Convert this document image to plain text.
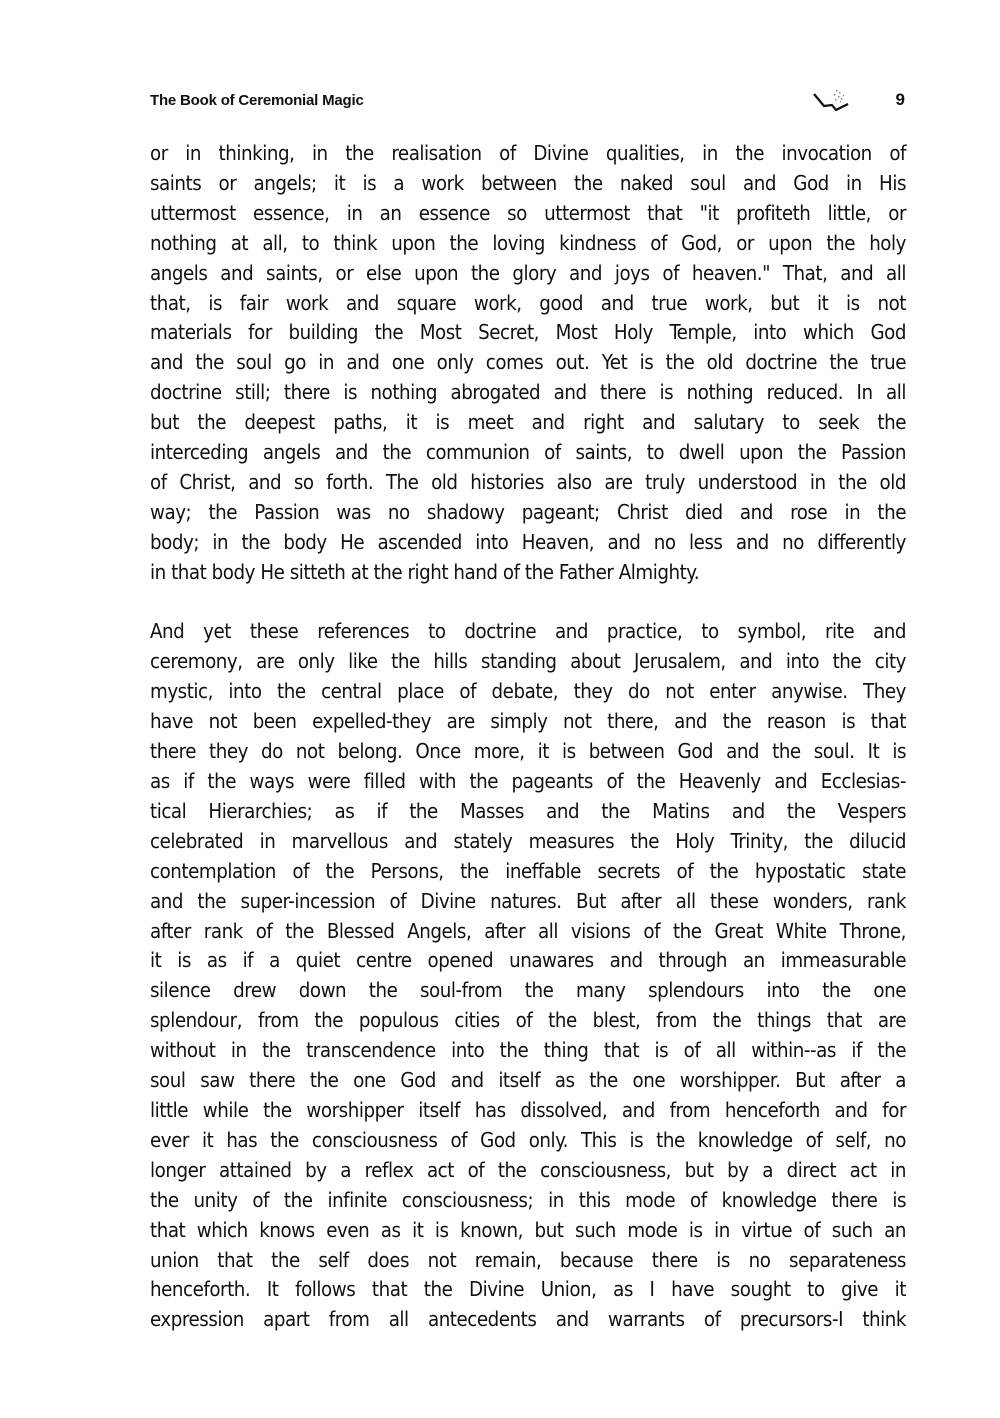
The Book of Ceremonial Magic	9

or in thinking, in the realisation of Divine qualities, in the invocation of
saints or angels; it is a work between the naked soul and God in His
uttermost essence, in an essence so uttermost that "it profiteth little, or
nothing at all, to think upon the loving kindness of God, or upon the holy
angels and saints, or else upon the glory and joys of heaven." That, and all
that, is fair work and square work, good and true work, but it is not
materials for building the Most Secret, Most Holy Temple, into which God
and the soul go in and one only comes out. Yet is the old doctrine the true
doctrine still; there is nothing abrogated and there is nothing reduced. In all
but the deepest paths, it is meet and right and salutary to seek the
interceding angels and the communion of saints, to dwell upon the Passion
of Christ, and so forth. The old histories also are truly understood in the old
way; the Passion was no shadowy pageant; Christ died and rose in the
body; in the body He ascended into Heaven, and no less and no differently
in that body He sitteth at the right hand of the Father Almighty.

And yet these references to doctrine and practice, to symbol, rite and
ceremony, are only like the hills standing about Jerusalem, and into the city
mystic, into the central place of debate, they do not enter anywise. They
have not been expelled-they are simply not there, and the reason is that
there they do not belong. Once more, it is between God and the soul. It is
as if the ways were filled with the pageants of the Heavenly and Ecclesias-
tical Hierarchies; as if the Masses and the Matins and the Vespers
celebrated in marvellous and stately measures the Holy Trinity, the dilucid
contemplation of the Persons, the ineffable secrets of the hypostatic state
and the super-incession of Divine natures. But after all these wonders, rank
after rank of the Blessed Angels, after all visions of the Great White Throne,
it is as if a quiet centre opened unawares and through an immeasurable
silence drew down the soul-from the many splendours into the one
splendour, from the populous cities of the blest, from the things that are
without in the transcendence into the thing that is of all within--as if the
soul saw there the one God and itself as the one worshipper. But after a
little while the worshipper itself has dissolved, and from henceforth and for
ever it has the consciousness of God only. This is the knowledge of self, no
longer attained by a reflex act of the consciousness, but by a direct act in
the unity of the infinite consciousness; in this mode of knowledge there is
that which knows even as it is known, but such mode is in virtue of such an
union that the self does not remain, because there is no separateness
henceforth. It follows that the Divine Union, as I have sought to give it
expression apart from all antecedents and warrants of precursors-I think
